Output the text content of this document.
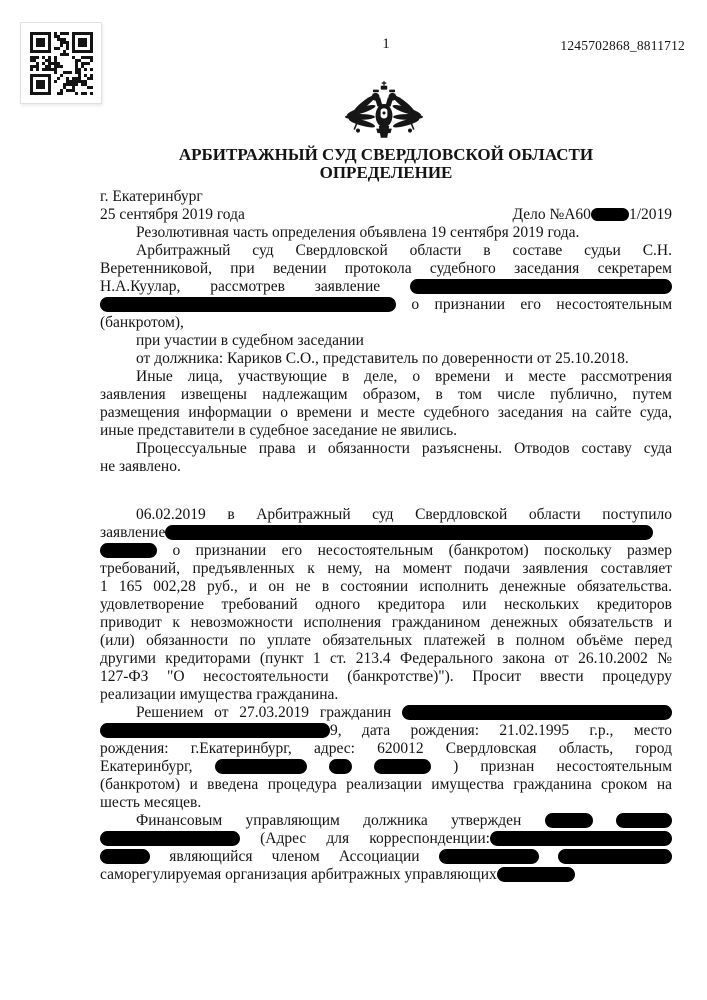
1	1245702868_8811712
АРБИТРАЖНЫЙ СУД СВЕРДЛОВСКОЙ ОБЛАСТИ
ОПРЕДЕЛЕНИЕ
г. Екатеринбург
25 сентября 2019 года	Дело №А60 1/2019
Резолютивная часть определения объявлена 19 сентября 2019 года.
Арбитражный суд Свердловской области в составе судьи С.Н.
Веретенниковой, при ведении протокола судебного заседания секретарем
Н.А.Куулар, рассмотрев заявление
о признании его несостоятельным
(банкротом),
при участии в судебном заседании
от должника: Кариков С.О., представитель по доверенности от 25.10.2018.
Иные лица, участвующие в деле, о времени и месте рассмотрения
заявления извещены надлежащим образом, в том числе публично, путем
размещения информации о времени и месте судебного заседания на сайте суда,
иные представители в судебное заседание не явились.
Процессуальные права и обязанности разъяснены. Отводов составу суда
не заявлено.
06.02.2019 в Арбитражный суд Свердловской области поступило
заявление
о признании его несостоятельным (банкротом) поскольку размер
требований, предъявленных к нему, на момент подачи заявления составляет
1 165 002,28 руб., и он не в состоянии исполнить денежные обязательства.
удовлетворение требований одного кредитора или нескольких кредиторов
приводит к невозможности исполнения гражданином денежных обязательств и
(или) обязанности по уплате обязательных платежей в полном объёме перед
другими кредиторами (пункт 1 ст. 213.4 Федерального закона от 26.10.2002 №
127-ФЗ "О несостоятельности (банкротстве)"). Просит ввести процедуру
реализации имущества гражданина.
Решением от 27.03.2019 гражданин
9, дата рождения: 21.02.1995 г.р., место
рождения: г.Екатеринбург, адрес: 620012 Свердловская область, город
Екатеринбург,	) признан несостоятельным
(банкротом) и введена процедура реализации имущества гражданина сроком на
шесть месяцев.
Финансовым управляющим должника утвержден
(Адрес для корреспонденции:
являющийся членом Ассоциации
саморегулируемая организация арбитражных управляющих
